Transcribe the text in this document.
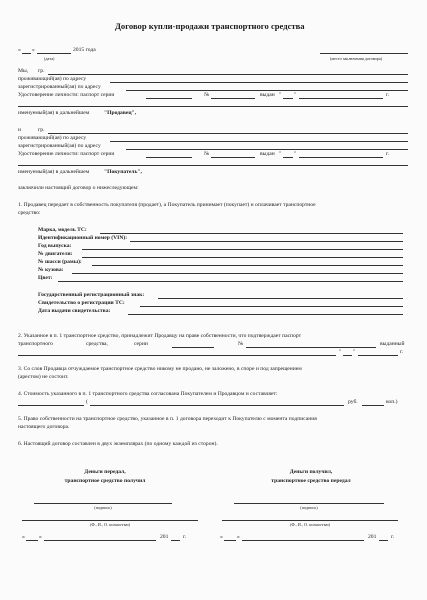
Договор купли-продажи транспортного средства
« »	2015 года
(дата)	(место заключения договора)
Мы, гр.
проживающий(ая) по адресу
зарегистрированный(ая) по адресу
Удостоверение личности: паспорт серии	№	выдан " "	г.
именуемый(ая) в дальнейшем	"Продавец",
и	гр.
проживающий(ая) по адресу
зарегистрированный(ая) по адресу
Удостоверение личности: паспорт серии	№	выдан " "	г.
именуемый(ая) в дальнейшем	"Покупатель",
заключили настоящий договор о нижеследующем:
1. Продавец передает в собственность покупателя (продает), а Покупатель принимает (покупает) и оплачивает транспортное
средство:
Марка, модель ТС:
Идентификационный номер (VIN):
Год выпуска:
№ двигателя:
№ шасси (рамы):
№ кузова:
Цвет:
Государственный регистрационный знак:
Свидетельство о регистрации ТС:
Дата выдачи свидетельства:
2. Указанное в п. 1 транспортное средство, принадлежит Продавцу на праве собственности, что подтверждает паспорт
транспортного	средства,	серии	№	выданный
" "	г.
3. Со слов Продавца отчуждаемое транспортное средство никому не продано, не заложено, в споре и под запрещением
(арестом) не состоит.
4. Стоимость указанного в п. 1 транспортного средства согласована Покупателем и Продавцом и составляет:
(	руб.	коп.)
5. Право собственности на транспортное средство, указанное в п. 1 договора переходит к Покупателю с момента подписания
настоящего договора.
6. Настоящий договор составлен в двух экземплярах (по одному каждой из сторон).
Деньги передал,
транспортное средство получил
Деньги получил,
транспортное средство передал
(подпись)	(подпись)
(Ф., И., О. полностью)	(Ф., И., О. полностью)
«	»	201	г.	«	»	201	г.
